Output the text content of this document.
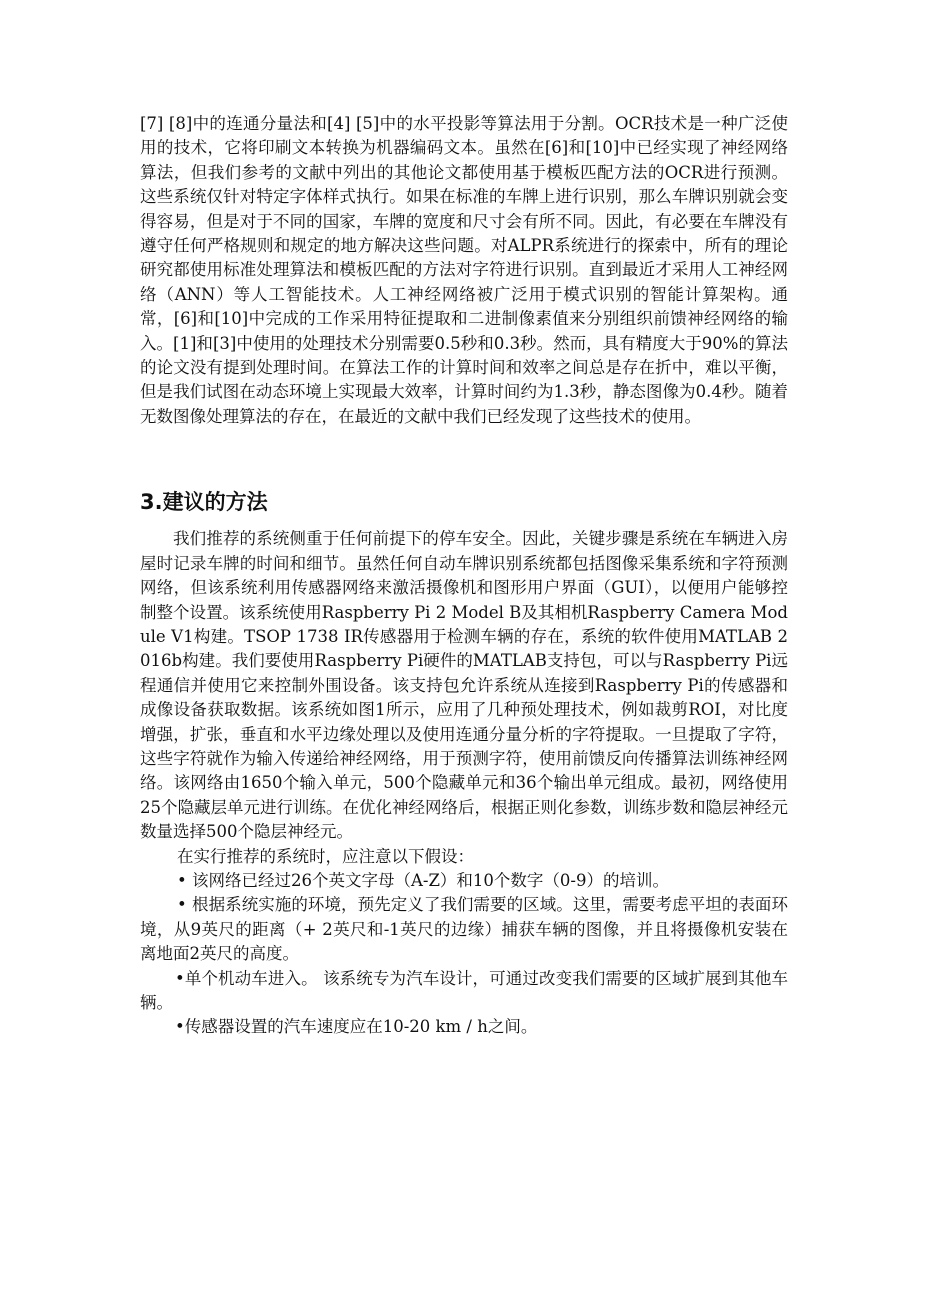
[7] [8]中的连通分量法和[4] [5]中的水平投影等算法用于分割。OCR技术是一种广泛使用的技术，它将印刷文本转换为机器编码文本。虽然在[6]和[10]中已经实现了神经网络算法，但我们参考的文献中列出的其他论文都使用基于模板匹配方法的OCR进行预测。这些系统仅针对特定字体样式执行。如果在标准的车牌上进行识别，那么车牌识别就会变得容易，但是对于不同的国家，车牌的宽度和尺寸会有所不同。因此，有必要在车牌没有遵守任何严格规则和规定的地方解决这些问题。对ALPR系统进行的探索中，所有的理论研究都使用标准处理算法和模板匹配的方法对字符进行识别。直到最近才采用人工神经网络（ANN）等人工智能技术。人工神经网络被广泛用于模式识别的智能计算架构。通常，[6]和[10]中完成的工作采用特征提取和二进制像素值来分别组织前馈神经网络的输入。[1]和[3]中使用的处理技术分别需要0.5秒和0.3秒。然而，具有精度大于90%的算法的论文没有提到处理时间。在算法工作的计算时间和效率之间总是存在折中，难以平衡，但是我们试图在动态环境上实现最大效率，计算时间约为1.3秒，静态图像为0.4秒。随着无数图像处理算法的存在，在最近的文献中我们已经发现了这些技术的使用。

3.建议的方法

我们推荐的系统侧重于任何前提下的停车安全。因此，关键步骤是系统在车辆进入房屋时记录车牌的时间和细节。虽然任何自动车牌识别系统都包括图像采集系统和字符预测网络，但该系统利用传感器网络来激活摄像机和图形用户界面（GUI），以便用户能够控制整个设置。该系统使用Raspberry Pi 2 Model B及其相机Raspberry Camera Module V1构建。TSOP 1738 IR传感器用于检测车辆的存在，系统的软件使用MATLAB 2016b构建。我们要使用Raspberry Pi硬件的MATLAB支持包，可以与Raspberry Pi远程通信并使用它来控制外围设备。该支持包允许系统从连接到Raspberry Pi的传感器和成像设备获取数据。该系统如图1所示，应用了几种预处理技术，例如裁剪ROI，对比度增强，扩张，垂直和水平边缘处理以及使用连通分量分析的字符提取。一旦提取了字符，这些字符就作为输入传递给神经网络，用于预测字符，使用前馈反向传播算法训练神经网络。该网络由1650个输入单元，500个隐藏单元和36个输出单元组成。最初，网络使用25个隐藏层单元进行训练。在优化神经网络后，根据正则化参数，训练步数和隐层神经元数量选择500个隐层神经元。

在实行推荐的系统时，应注意以下假设：

• 该网络已经过26个英文字母（A-Z）和10个数字（0-9）的培训。

• 根据系统实施的环境，预先定义了我们需要的区域。这里，需要考虑平坦的表面环境，从9英尺的距离（+ 2英尺和-1英尺的边缘）捕获车辆的图像，并且将摄像机安装在离地面2英尺的高度。

•单个机动车进入。 该系统专为汽车设计，可通过改变我们需要的区域扩展到其他车辆。

•传感器设置的汽车速度应在10-20 km / h之间。
